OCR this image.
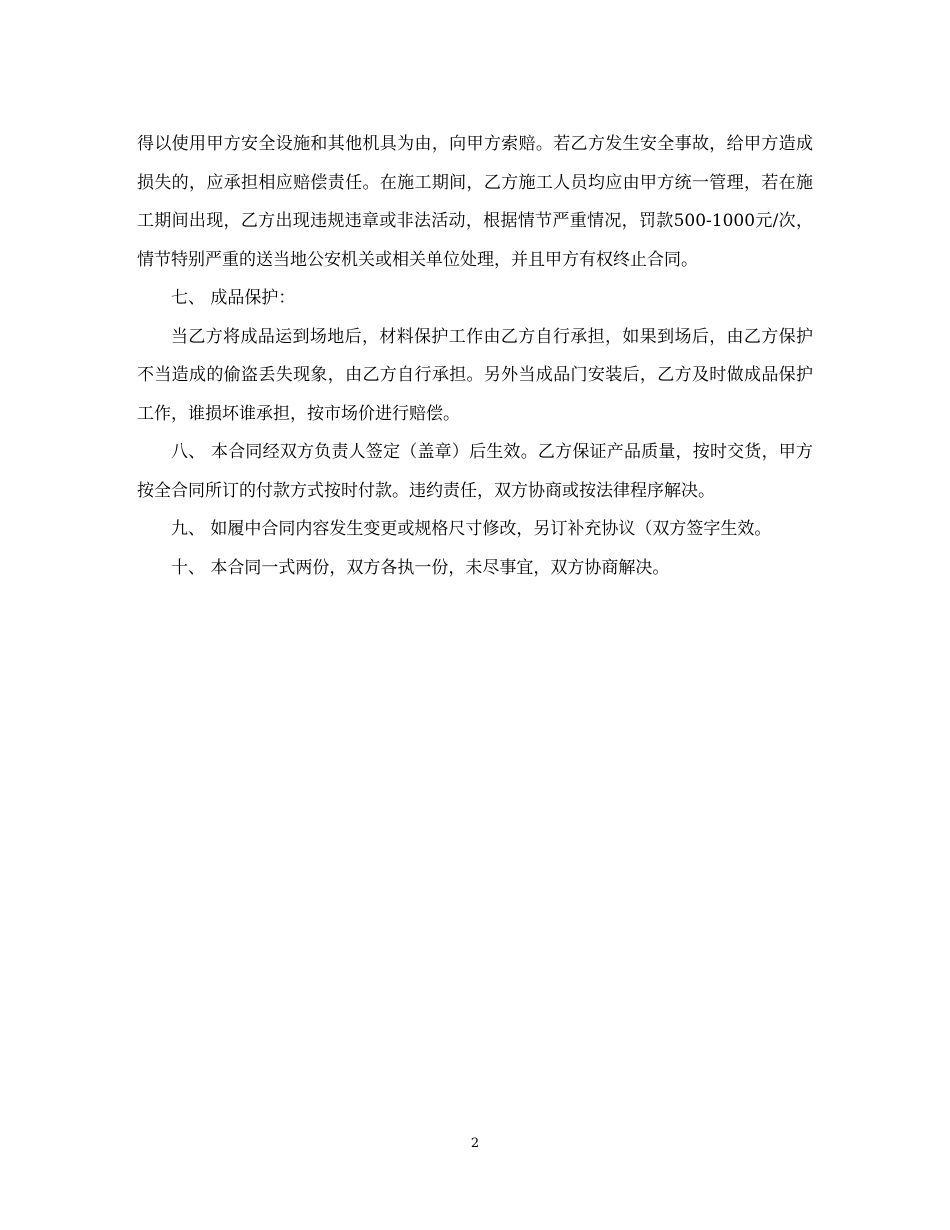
得以使用甲方安全设施和其他机具为由，向甲方索赔。若乙方发生安全事故，给甲方造成损失的，应承担相应赔偿责任。在施工期间，乙方施工人员均应由甲方统一管理，若在施工期间出现，乙方出现违规违章或非法活动，根据情节严重情况，罚款500-1000元/次，情节特别严重的送当地公安机关或相关单位处理，并且甲方有权终止合同。

七、 成品保护：

当乙方将成品运到场地后，材料保护工作由乙方自行承担，如果到场后，由乙方保护不当造成的偷盗丢失现象，由乙方自行承担。另外当成品门安装后，乙方及时做成品保护工作，谁损坏谁承担，按市场价进行赔偿。

八、 本合同经双方负责人签定（盖章）后生效。乙方保证产品质量，按时交货，甲方按全合同所订的付款方式按时付款。违约责任，双方协商或按法律程序解决。

九、 如履中合同内容发生变更或规格尺寸修改，另订补充协议（双方签字生效。

十、 本合同一式两份，双方各执一份，未尽事宜，双方协商解决。

2
